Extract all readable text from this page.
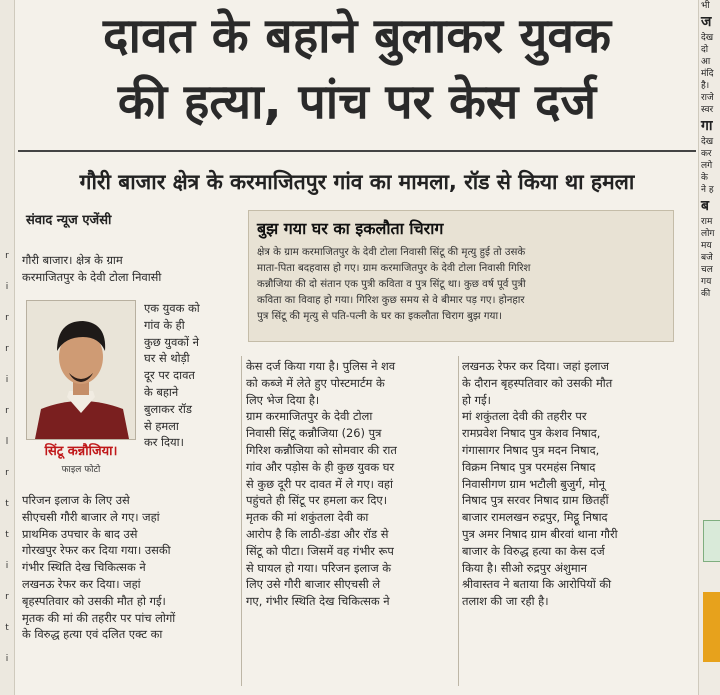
r
i
r
r
i
r
l
r
t
t
i
r
t
i
दावत के बहाने बुलाकर युवक
की हत्या, पांच पर केस दर्ज
गौरी बाजार क्षेत्र के करमाजितपुर गांव का मामला, रॉड से किया था हमला
संवाद न्यूज एजेंसी	बुझ गया घर का इकलौता चिराग
क्षेत्र के ग्राम करमाजितपुर के देवी टोला निवासी सिंटू की मृत्यु हुई तो उसके
माता-पिता बदहवास हो गए। ग्राम करमाजितपुर के देवी टोला निवासी गिरिश
कन्नौजिया की दो संतान एक पुत्री कविता व पुत्र सिंटू था। कुछ वर्ष पूर्व पुत्री
कविता का विवाह हो गया। गिरिश कुछ समय से वे बीमार पड़ गए। होनहार
पुत्र सिंटू की मृत्यु से पति-पत्नी के घर का इकलौता चिराग बुझ गया।
गौरी बाजार। क्षेत्र के ग्राम
करमाजितपुर के देवी टोला निवासी
सिंटू कन्नौजिया।
फाइल फोटो
एक युवक को
गांव के ही
कुछ युवकों ने
घर से थोड़ी
दूर पर दावत
के बहाने
बुलाकर रॉड
से हमला
कर दिया।
परिजन इलाज के लिए उसे
सीएचसी गौरी बाजार ले गए। जहां
प्राथमिक उपचार के बाद उसे
गोरखपुर रेफर कर दिया गया। उसकी
गंभीर स्थिति देख चिकित्सक ने
लखनऊ रेफर कर दिया। जहां
बृहस्पतिवार को उसकी मौत हो गई।
मृतक की मां की तहरीर पर पांच लोगों
के विरुद्ध हत्या एवं दलित एक्ट का
केस दर्ज किया गया है। पुलिस ने शव
को कब्जे में लेते हुए पोस्टमार्टम के
लिए भेज दिया है।
ग्राम करमाजितपुर के देवी टोला
निवासी सिंटू कन्नौजिया (26) पुत्र
गिरिश कन्नौजिया को सोमवार की रात
गांव और पड़ोस के ही कुछ युवक घर
से कुछ दूरी पर दावत में ले गए। वहां
पहुंचते ही सिंटू पर हमला कर दिए।
मृतक की मां शकुंतला देवी का
आरोप है कि लाठी-डंडा और रॉड से
सिंटू को पीटा। जिसमें वह गंभीर रूप
से घायल हो गया। परिजन इलाज के
लिए उसे गौरी बाजार सीएचसी ले
गए, गंभीर स्थिति देख चिकित्सक ने
लखनऊ रेफर कर दिया। जहां इलाज
के दौरान बृहस्पतिवार को उसकी मौत
हो गई।
मां शकुंतला देवी की तहरीर पर
रामप्रवेश निषाद पुत्र केशव निषाद,
गंगासागर निषाद पुत्र मदन निषाद,
विक्रम निषाद पुत्र परमहंस निषाद
निवासीगण ग्राम भटौली बुजुर्ग, मोनू
निषाद पुत्र सरवर निषाद ग्राम छितहीं
बाजार रामलखन रुद्रपुर, मिट्ठू निषाद
पुत्र अमर निषाद ग्राम बीरवां थाना गौरी
बाजार के विरुद्ध हत्या का केस दर्ज
किया है। सीओ रुद्रपुर अंशुमान
श्रीवास्तव ने बताया कि आरोपियों की
तलाश की जा रही है।
भी
ज
देख
दो
आ
मंदि
है।
राजे
स्वर
गा
देख
कर
लगे
के
ने ह
ब
राम
लोग
मय
बजे
चल
गय
की
